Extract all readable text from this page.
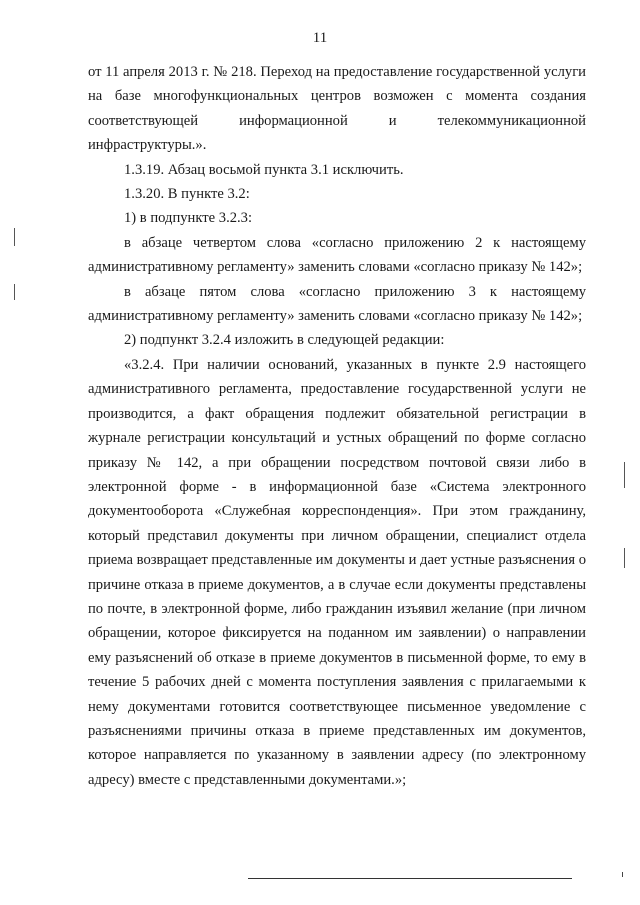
11

от 11 апреля 2013 г. № 218. Переход на предоставление государственной услуги на базе многофункциональных центров возможен с момента создания соответствующей информационной и телекоммуникационной инфраструктуры.».

1.3.19. Абзац восьмой пункта 3.1 исключить.

1.3.20. В пункте 3.2:

1) в подпункте 3.2.3:

в абзаце четвертом слова «согласно приложению 2 к настоящему административному регламенту» заменить словами «согласно приказу № 142»;

в абзаце пятом слова «согласно приложению 3 к настоящему административному регламенту» заменить словами «согласно приказу № 142»;

2) подпункт 3.2.4 изложить в следующей редакции:

«3.2.4. При наличии оснований, указанных в пункте 2.9 настоящего административного регламента, предоставление государственной услуги не производится, а факт обращения подлежит обязательной регистрации в журнале регистрации консультаций и устных обращений по форме согласно приказу № 142, а при обращении посредством почтовой связи либо в электронной форме - в информационной базе «Система электронного документооборота «Служебная корреспонденция». При этом гражданину, который представил документы при личном обращении, специалист отдела приема возвращает представленные им документы и дает устные разъяснения о причине отказа в приеме документов, а в случае если документы представлены по почте, в электронной форме, либо гражданин изъявил желание (при личном обращении, которое фиксируется на поданном им заявлении) о направлении ему разъяснений об отказе в приеме документов в письменной форме, то ему в течение 5 рабочих дней с момента поступления заявления с прилагаемыми к нему документами готовится соответствующее письменное уведомление с разъяснениями причины отказа в приеме представленных им документов, которое направляется по указанному в заявлении адресу (по электронному адресу) вместе с представленными документами.»;
